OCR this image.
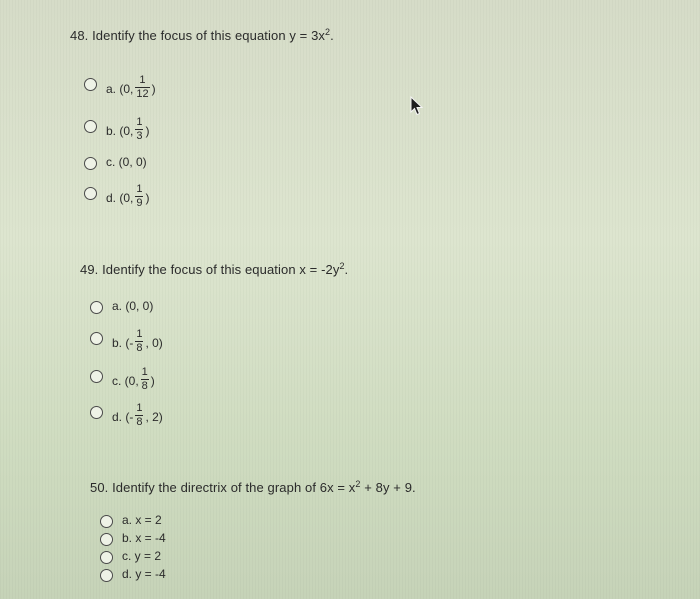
48. Identify the focus of this equation $y = 3x^2$.
a. (0, $\frac{1}{12}$ )
b. (0, $\frac{1}{3}$ )
c. (0, 0)
d. (0, $\frac{1}{9}$ )
49. Identify the focus of this equation $x = -2y^2$.
a. (0, 0)
b. (- $\frac{1}{8}$ , 0)
c. (0, $\frac{1}{8}$ )
d. (- $\frac{1}{8}$ , 2)
50. Identify the directrix of the graph of $6x = x^2 + 8y + 9$.
a. x = 2
b. x = -4
c. y = 2
d. y = -4
